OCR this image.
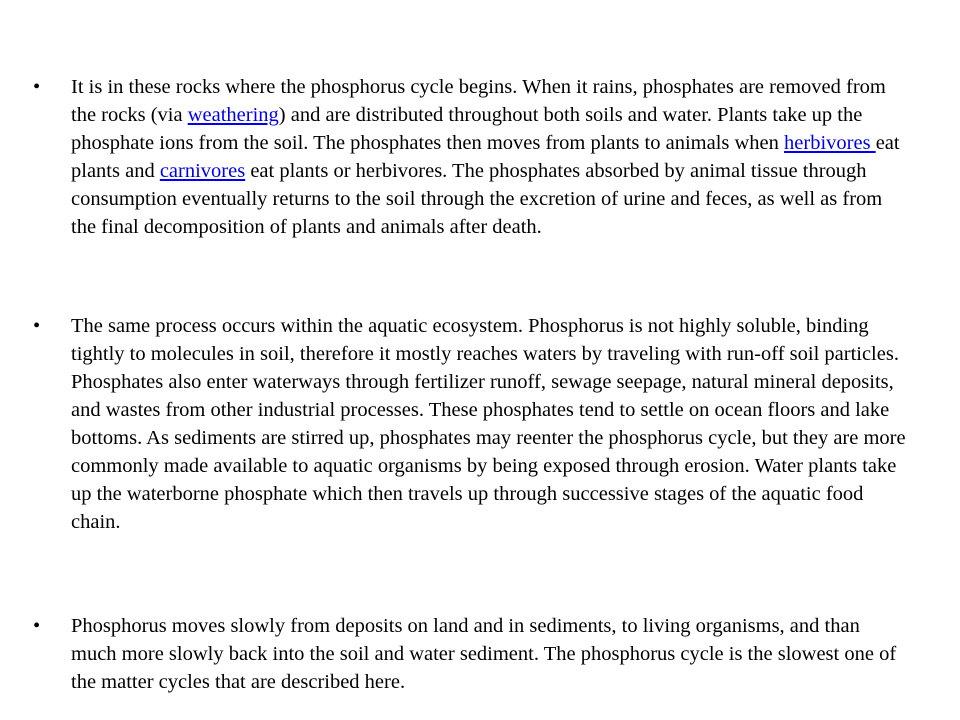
• It is in these rocks where the phosphorus cycle begins. When it rains, phosphates are removed from the rocks (via weathering) and are distributed throughout both soils and water. Plants take up the phosphate ions from the soil. The phosphates then moves from plants to animals when herbivores eat plants and carnivores eat plants or herbivores. The phosphates absorbed by animal tissue through consumption eventually returns to the soil through the excretion of urine and feces, as well as from the final decomposition of plants and animals after death.

• The same process occurs within the aquatic ecosystem. Phosphorus is not highly soluble, binding tightly to molecules in soil, therefore it mostly reaches waters by traveling with run-off soil particles. Phosphates also enter waterways through fertilizer runoff, sewage seepage, natural mineral deposits, and wastes from other industrial processes. These phosphates tend to settle on ocean floors and lake bottoms. As sediments are stirred up, phosphates may reenter the phosphorus cycle, but they are more commonly made available to aquatic organisms by being exposed through erosion. Water plants take up the waterborne phosphate which then travels up through successive stages of the aquatic food chain.

• Phosphorus moves slowly from deposits on land and in sediments, to living organisms, and than much more slowly back into the soil and water sediment. The phosphorus cycle is the slowest one of the matter cycles that are described here.
